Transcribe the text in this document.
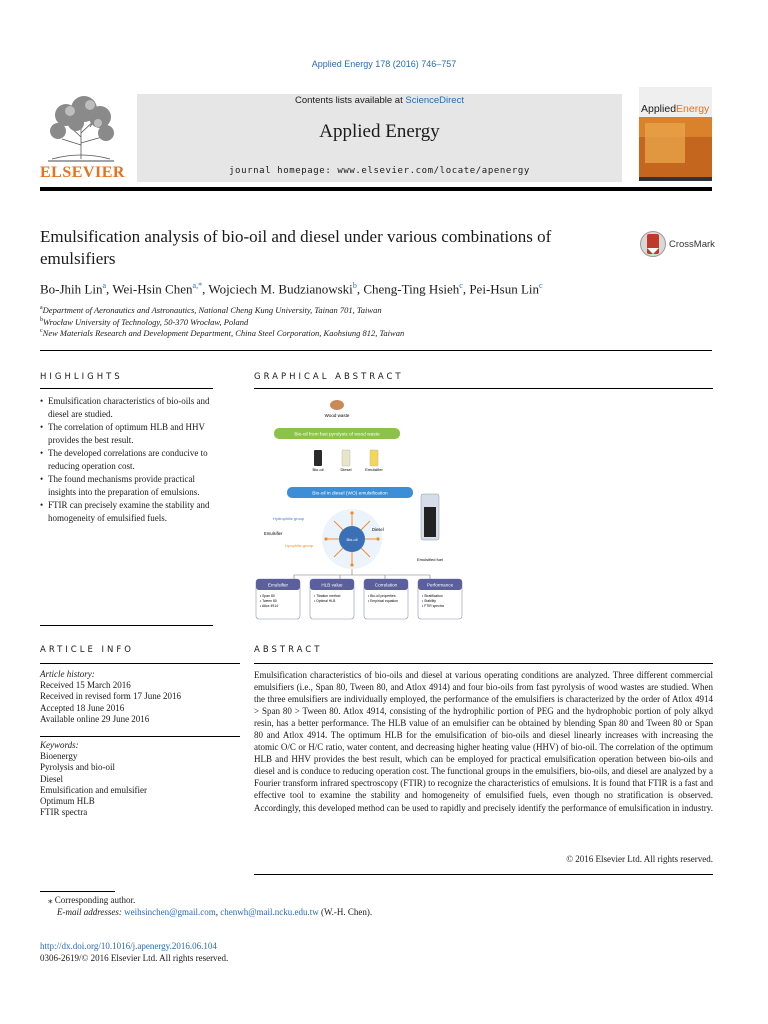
Applied Energy 178 (2016) 746–757
ELSEVIER
Contents lists available at ScienceDirect
Applied Energy
journal homepage: www.elsevier.com/locate/apenergy
AppliedEnergy
Emulsification analysis of bio-oil and diesel under various combinations of emulsifiers
CrossMark
Bo-Jhih Lin$^a$, Wei-Hsin Chen$^{a,*}$, Wojciech M. Budzianowski$^b$, Cheng-Ting Hsieh$^c$, Pei-Hsun Lin$^c$
$^a$Department of Aeronautics and Astronautics, National Cheng Kung University, Tainan 701, Taiwan
$^b$Wrocław University of Technology, 50-370 Wrocław, Poland
$^c$New Materials Research and Development Department, China Steel Corporation, Kaohsiung 812, Taiwan
HIGHLIGHTS
• Emulsification characteristics of bio-oils and diesel are studied.
• The correlation of optimum HLB and HHV provides the best result.
• The developed correlations are conducive to reducing operation cost.
• The found mechanisms provide practical insights into the preparation of emulsions.
• FTIR can precisely examine the stability and homogeneity of emulsified fuels.
GRAPHICAL ABSTRACT
Wood waste
Bio-oil from fast pyrolysis of wood waste
Bio-oil	Diesel	Emulsifier
Bio-oil in diesel (WO) emulsification
Emulsified fuel
Bio-oil
Hydrophilic group
Emulsifier
Lipophilic group
Diesel
Emulsifier
• Span 80
• Tween 80
• Atlox 4914
HLB value
• Titration method
• Optimal HLB
Correlation
• Bio-oil properties
• Empirical equation
Performance
• Stratification
• Stability
• FTIR spectra
ARTICLE INFO
Article history:
Received 15 March 2016
Received in revised form 17 June 2016
Accepted 18 June 2016
Available online 29 June 2016
Keywords:
Bioenergy
Pyrolysis and bio-oil
Diesel
Emulsification and emulsifier
Optimum HLB
FTIR spectra
ABSTRACT
Emulsification characteristics of bio-oils and diesel at various operating conditions are analyzed. Three different commercial emulsifiers (i.e., Span 80, Tween 80, and Atlox 4914) and four bio-oils from fast pyrolysis of wood wastes are studied. When the three emulsifiers are individually employed, the performance of the emulsifiers is characterized by the order of Atlox 4914 > Span 80 > Tween 80. Atlox 4914, consisting of the hydrophilic portion of PEG and the hydrophobic portion of poly alkyd resin, has a better performance. The HLB value of an emulsifier can be obtained by blending Span 80 and Tween 80 or Span 80 and Atlox 4914. The optimum HLB for the emulsification of bio-oils and diesel linearly increases with increasing the atomic O/C or H/C ratio, water content, and decreasing higher heating value (HHV) of bio-oil. The correlation of the optimum HLB and HHV provides the best result, which can be employed for practical emulsification operation between bio-oils and diesel and is conduce to reducing operation cost. The functional groups in the emulsifiers, bio-oils, and diesel are analyzed by a Fourier transform infrared spectroscopy (FTIR) to recognize the characteristics of emulsions. It is found that FTIR is a fast and effective tool to examine the stability and homogeneity of emulsified fuels, even though no stratification is observed. Accordingly, this developed method can be used to rapidly and precisely identify the performance of emulsification in industry.
© 2016 Elsevier Ltd. All rights reserved.
⁎ Corresponding author.
E-mail addresses: weihsinchen@gmail.com, chenwh@mail.ncku.edu.tw (W.-H. Chen).
http://dx.doi.org/10.1016/j.apenergy.2016.06.104
0306-2619/© 2016 Elsevier Ltd. All rights reserved.
